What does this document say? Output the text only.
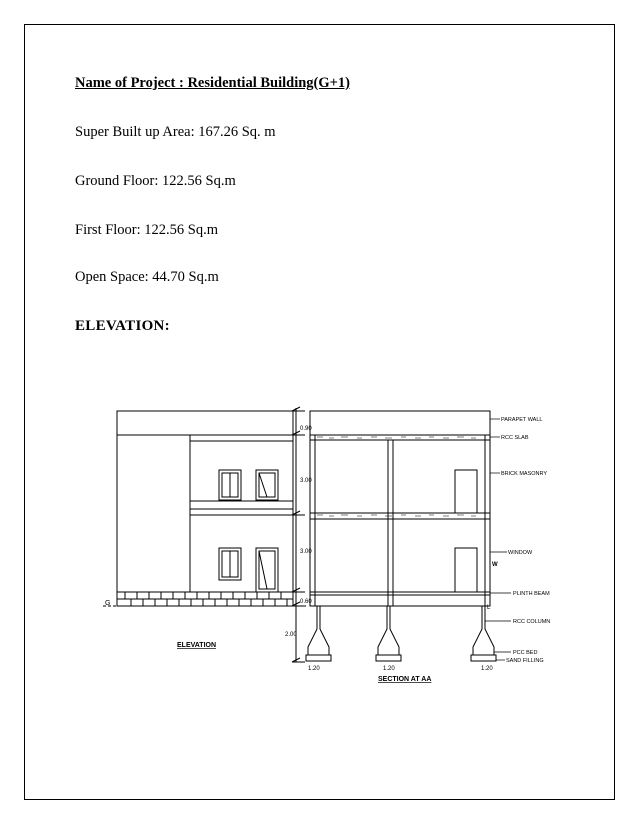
Name of Project : Residential Building(G+1)
Super Built up Area: 167.26 Sq. m
Ground Floor: 122.56 Sq.m
First Floor: 122.56 Sq.m
Open Space: 44.70 Sq.m
ELEVATION:
G
ELEVATION
0.90
3.00
3.00
0.60
2.00
1.20	1.20	1.20
SECTION AT AA
W
L
PARAPET WALL
RCC SLAB
BRICK MASONRY
WINDOW
PLINTH BEAM
RCC COLUMN
PCC BED
SAND FILLING
